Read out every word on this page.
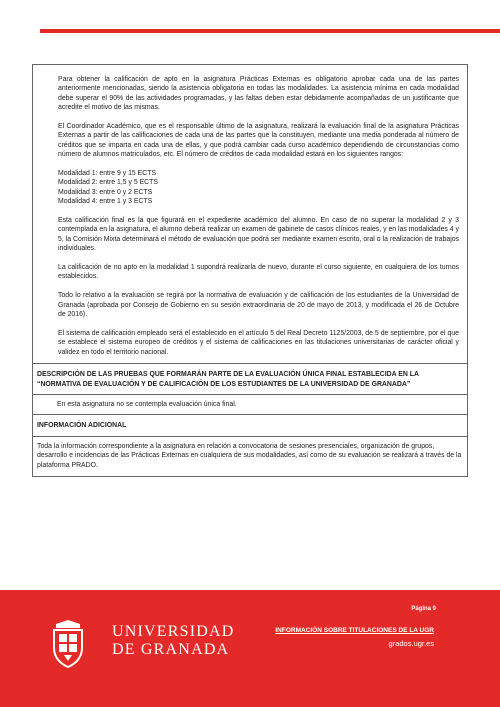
Para obtener la calificación de apto en la asignatura Prácticas Externas es obligatorio aprobar cada una de las partes anteriormente mencionadas, siendo la asistencia obligatoria en todas las modalidades. La asistencia mínima en cada modalidad debe superar el 90% de las actividades programadas, y las faltas deben estar debidamente acompañadas de un justificante que acredite el motivo de las mismas.

El Coordinador Académico, que es el responsable último de la asignatura, realizará la evaluación final de la asignatura Prácticas Externas a partir de las calificaciones de cada una de las partes que la constituyen, mediante una media ponderada al número de créditos que se imparta en cada una de ellas, y que podrá cambiar cada curso académico dependiendo de circunstancias como número de alumnos matriculados, etc. El número de créditos de cada modalidad estará en los siguientes rangos:

Modalidad 1: entre 9 y 15 ECTS

Modalidad 2: entre 1,5 y 5 ECTS

Modalidad 3: entre 0 y 2 ECTS

Modalidad 4: entre 1 y 3 ECTS

Esta calificación final es la que figurará en el expediente académico del alumno. En caso de no superar la modalidad 2 y 3 contemplada en la asignatura, el alumno deberá realizar un examen de gabinete de casos clínicos reales, y en las modalidades 4 y 5, la Comisión Mixta determinará el método de evaluación que podrá ser mediante examen escrito, oral o la realización de trabajos individuales.

La calificación de no apto en la modalidad 1 supondrá realizarla de nuevo, durante el curso siguiente, en cualquiera de los turnos establecidos.

Todo lo relativo a la evaluación se regirá por la normativa de evaluación y de calificación de los estudiantes de la Universidad de Granada (aprobada por Consejo de Gobierno en su sesión extraordinaria de 20 de mayo de 2013, y modificada el 26 de Octubre de 2016).

El sistema de calificación empleado será el establecido en el artículo 5 del Real Decreto 1125/2003, de 5 de septiembre, por el que se establece el sistema europeo de créditos y el sistema de calificaciones en las titulaciones universitarias de carácter oficial y validez en todo el territorio nacional.

DESCRIPCIÓN DE LAS PRUEBAS QUE FORMARÁN PARTE DE LA EVALUACIÓN ÚNICA FINAL ESTABLECIDA EN LA “NORMATIVA DE EVALUACIÓN Y DE CALIFICACIÓN DE LOS ESTUDIANTES DE LA UNIVERSIDAD DE GRANADA”
En esta asignatura no se contempla evaluación única final.
INFORMACIÓN ADICIONAL
Toda la información correspondiente a la asignatura en relación a convocatoria de sesiones presenciales, organización de grupos, desarrollo e incidencias de las Prácticas Externas en cualquiera de sus modalidades, así como de su evaluación se realizará a través de la plataforma PRADO.
UNIVERSIDAD
DE GRANADA
Página 9
INFORMACIÓN SOBRE TITULACIONES DE LA UGR
grados.ugr.es
